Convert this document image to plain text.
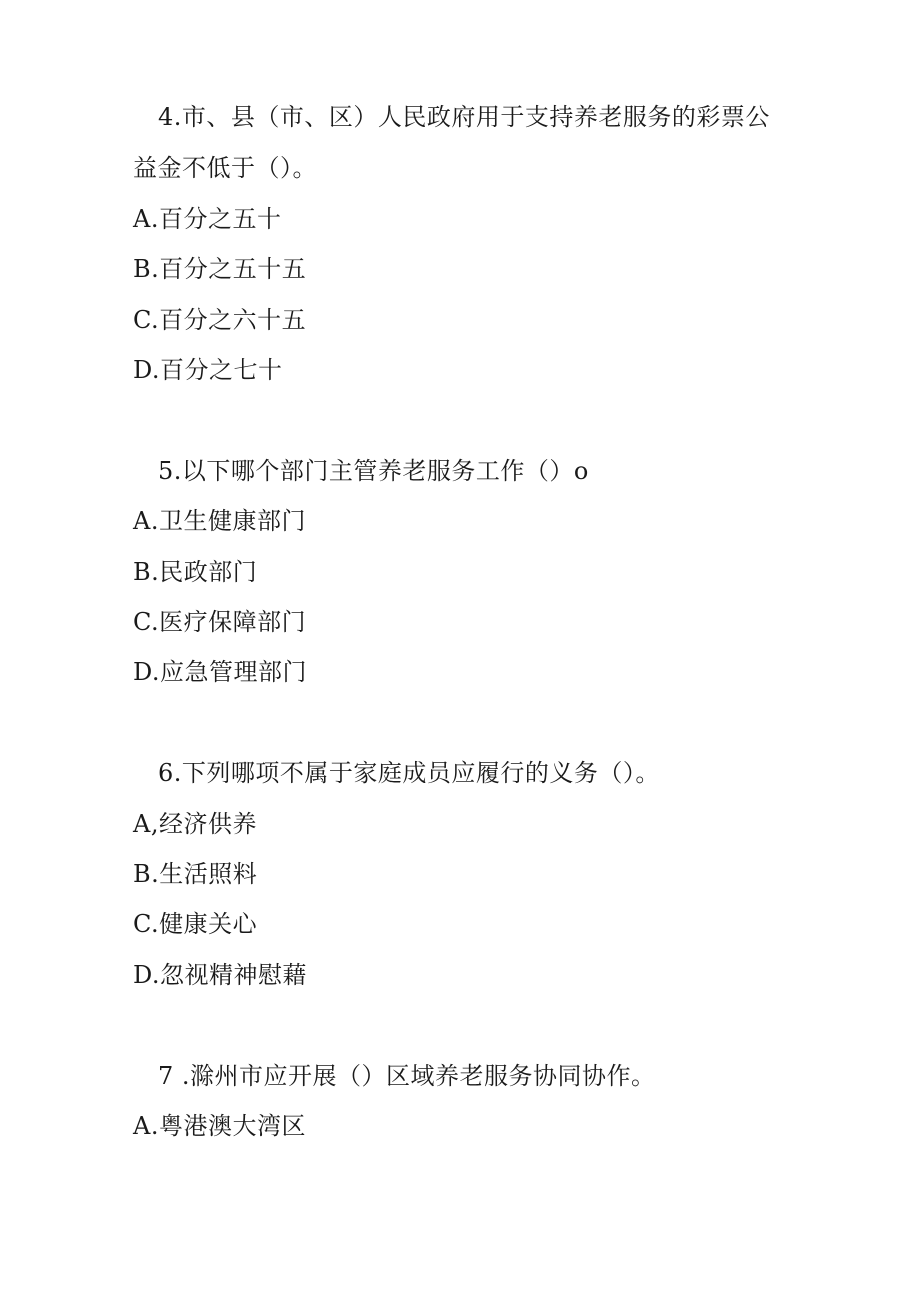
4.市、县（市、区）人民政府用于支持养老服务的彩票公
益金不低于（）。
A.百分之五十
B.百分之五十五
C.百分之六十五
D.百分之七十
5.以下哪个部门主管养老服务工作（）o
A.卫生健康部门
B.民政部门
C.医疗保障部门
D.应急管理部门
6.下列哪项不属于家庭成员应履行的义务（）。
A,经济供养
B.生活照料
C.健康关心
D.忽视精神慰藉
7 .滁州市应开展（）区域养老服务协同协作。
A.粤港澳大湾区
